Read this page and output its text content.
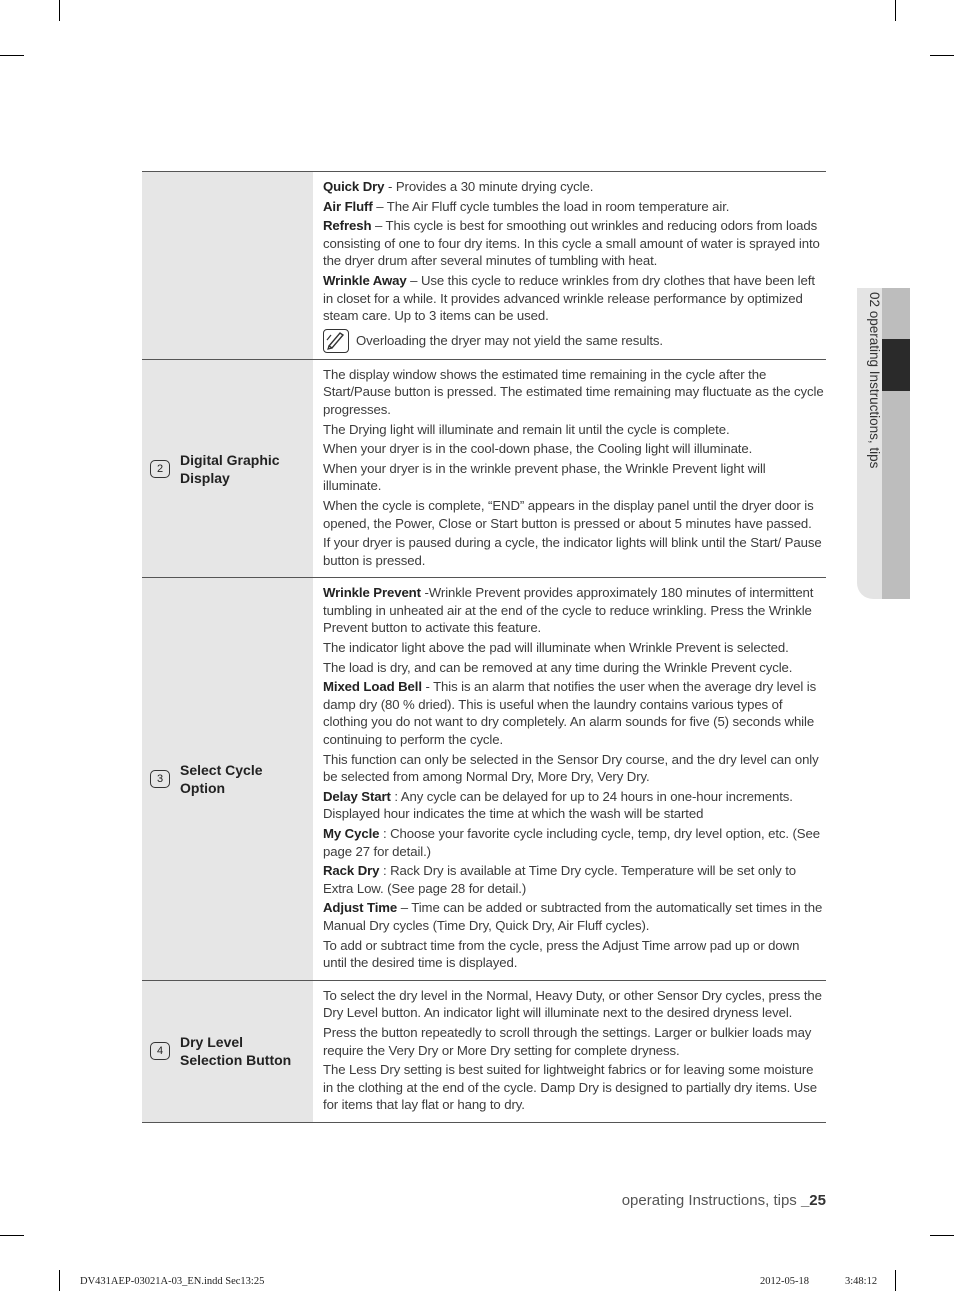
02 operating Instructions, tips

Quick Dry - Provides a 30 minute drying cycle.

Air Fluff – The Air Fluff cycle tumbles the load in room temperature air.

Refresh – This cycle is best for smoothing out wrinkles and reducing odors from loads consisting of one to four dry items. In this cycle a small amount of water is sprayed into the dryer drum after several minutes of tumbling with heat.

Wrinkle Away – Use this cycle to reduce wrinkles from dry clothes that have been left in closet for a while. It provides advanced wrinkle release performance by optimized steam care. Up to 3 items can be used.

Overloading the dryer may not yield the same results.
2
Digital Graphic Display

The display window shows the estimated time remaining in the cycle after the Start/Pause button is pressed. The estimated time remaining may fluctuate as the cycle progresses.

The Drying light will illuminate and remain lit until the cycle is complete.

When your dryer is in the cool-down phase, the Cooling light will illuminate.

When your dryer is in the wrinkle prevent phase, the Wrinkle Prevent light will illuminate.

When the cycle is complete, “END” appears in the display panel until the dryer door is opened, the Power, Close or Start button is pressed or about 5 minutes have passed.

If your dryer is paused during a cycle, the indicator lights will blink until the Start/ Pause button is pressed.

3
Select Cycle Option

Wrinkle Prevent -Wrinkle Prevent provides approximately 180 minutes of intermittent tumbling in unheated air at the end of the cycle to reduce wrinkling. Press the Wrinkle Prevent button to activate this feature.

The indicator light above the pad will illuminate when Wrinkle Prevent is selected.

The load is dry, and can be removed at any time during the Wrinkle Prevent cycle.

Mixed Load Bell - This is an alarm that notifies the user when the average dry level is damp dry (80 % dried). This is useful when the laundry contains various types of clothing you do not want to dry completely. An alarm sounds for five (5) seconds while continuing to perform the cycle.

This function can only be selected in the Sensor Dry course, and the dry level can only be selected from among Normal Dry, More Dry, Very Dry.

Delay Start : Any cycle can be delayed for up to 24 hours in one-hour increments. Displayed hour indicates the time at which the wash will be started

My Cycle : Choose your favorite cycle including cycle, temp, dry level option, etc. (See page 27 for detail.)

Rack Dry : Rack Dry is available at Time Dry cycle. Temperature will be set only to Extra Low. (See page 28 for detail.)

Adjust Time – Time can be added or subtracted from the automatically set times in the Manual Dry cycles (Time Dry, Quick Dry, Air Fluff cycles).

To add or subtract time from the cycle, press the Adjust Time arrow pad up or down until the desired time is displayed.

4
Dry Level Selection Button

To select the dry level in the Normal, Heavy Duty, or other Sensor Dry cycles, press the Dry Level button. An indicator light will illuminate next to the desired dryness level.

Press the button repeatedly to scroll through the settings. Larger or bulkier loads may require the Very Dry or More Dry setting for complete dryness.

The Less Dry setting is best suited for lightweight fabrics or for leaving some moisture in the clothing at the end of the cycle. Damp Dry is designed to partially dry items. Use for items that lay flat or hang to dry.

operating Instructions, tips _25
DV431AEP-03021A-03_EN.indd Sec13:25	2012-05-18	3:48:12
